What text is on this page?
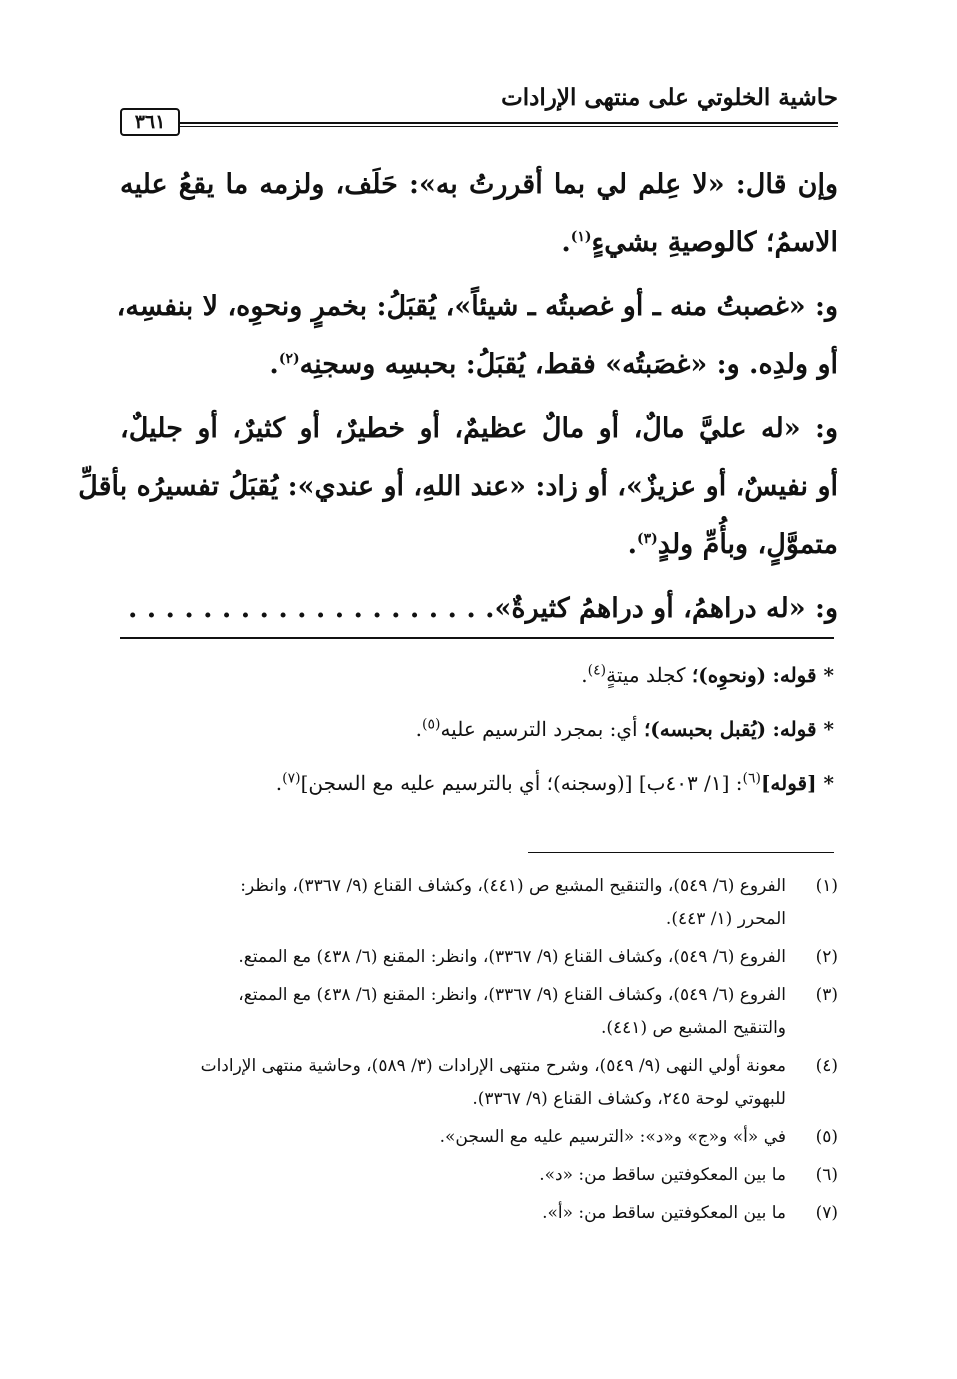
حاشية الخلوتي على منتهى الإرادات
٣٦١
وإن قال: «لا عِلم لي بما أقررتُ به»: حَلَف، ولزمه ما يقعُ عليه
الاسمُ؛ كالوصيةِ بشيءٍ$^{(١)}$.
و: «غصبتُ منه ـ أو غصبتُه ـ شيئاً»، يُقبَلُ: بخمرٍ ونحوِه، لا بنفسِه،
أو ولدِه. و: «غصَبتُه» فقط، يُقبَلُ: بحبسِه وسجنِه$^{(٢)}$.
و: «له عليَّ مالٌ، أو مالٌ عظيمٌ، أو خطيرٌ، أو كثيرٌ، أو جليلٌ،
أو نفيسٌ، أو عزيزٌ»، أو زاد: «عند اللهِ، أو عندي»: يُقبَلُ تفسيرُه بأقلِّ
متموَّلٍ، وبأُمِّ ولدٍ$^{(٣)}$.
و: «له دراهمُ، أو دراهمُ كثيرةٌ». . . . . . . . . . . . . . . . . . . .
* قوله: (ونحوِه)؛ كجلد ميتةٍ$^{(٤)}$.
* قوله: (يُقبل بحبسه)؛ أي: بمجرد الترسيم عليه$^{(٥)}$.
* [قوله]$^{(٦)}$: [١/ ٤٠٣ب] [(وسجنه)؛ أي بالترسيم عليه مع السجن]$^{(٧)}$.
(١)
الفروع (٦/ ٥٤٩)، والتنقيح المشبع ص (٤٤١)، وكشاف القناع (٩/ ٣٣٦٧)، وانظر:
المحرر (١/ ٤٤٣).
(٢)
الفروع (٦/ ٥٤٩)، وكشاف القناع (٩/ ٣٣٦٧)، وانظر: المقنع (٦/ ٤٣٨) مع الممتع.
(٣)
الفروع (٦/ ٥٤٩)، وكشاف القناع (٩/ ٣٣٦٧)، وانظر: المقنع (٦/ ٤٣٨) مع الممتع،
والتنقيح المشبع ص (٤٤١).
(٤)
معونة أولي النهى (٩/ ٥٤٩)، وشرح منتهى الإرادات (٣/ ٥٨٩)، وحاشية منتهى الإرادات
للبهوتي لوحة ٢٤٥، وكشاف القناع (٩/ ٣٣٦٧).
(٥)
في «أ» و«ج» و«د»: «الترسيم عليه مع السجن».
(٦)
ما بين المعكوفتين ساقط من: «د».
(٧)
ما بين المعكوفتين ساقط من: «أ».
